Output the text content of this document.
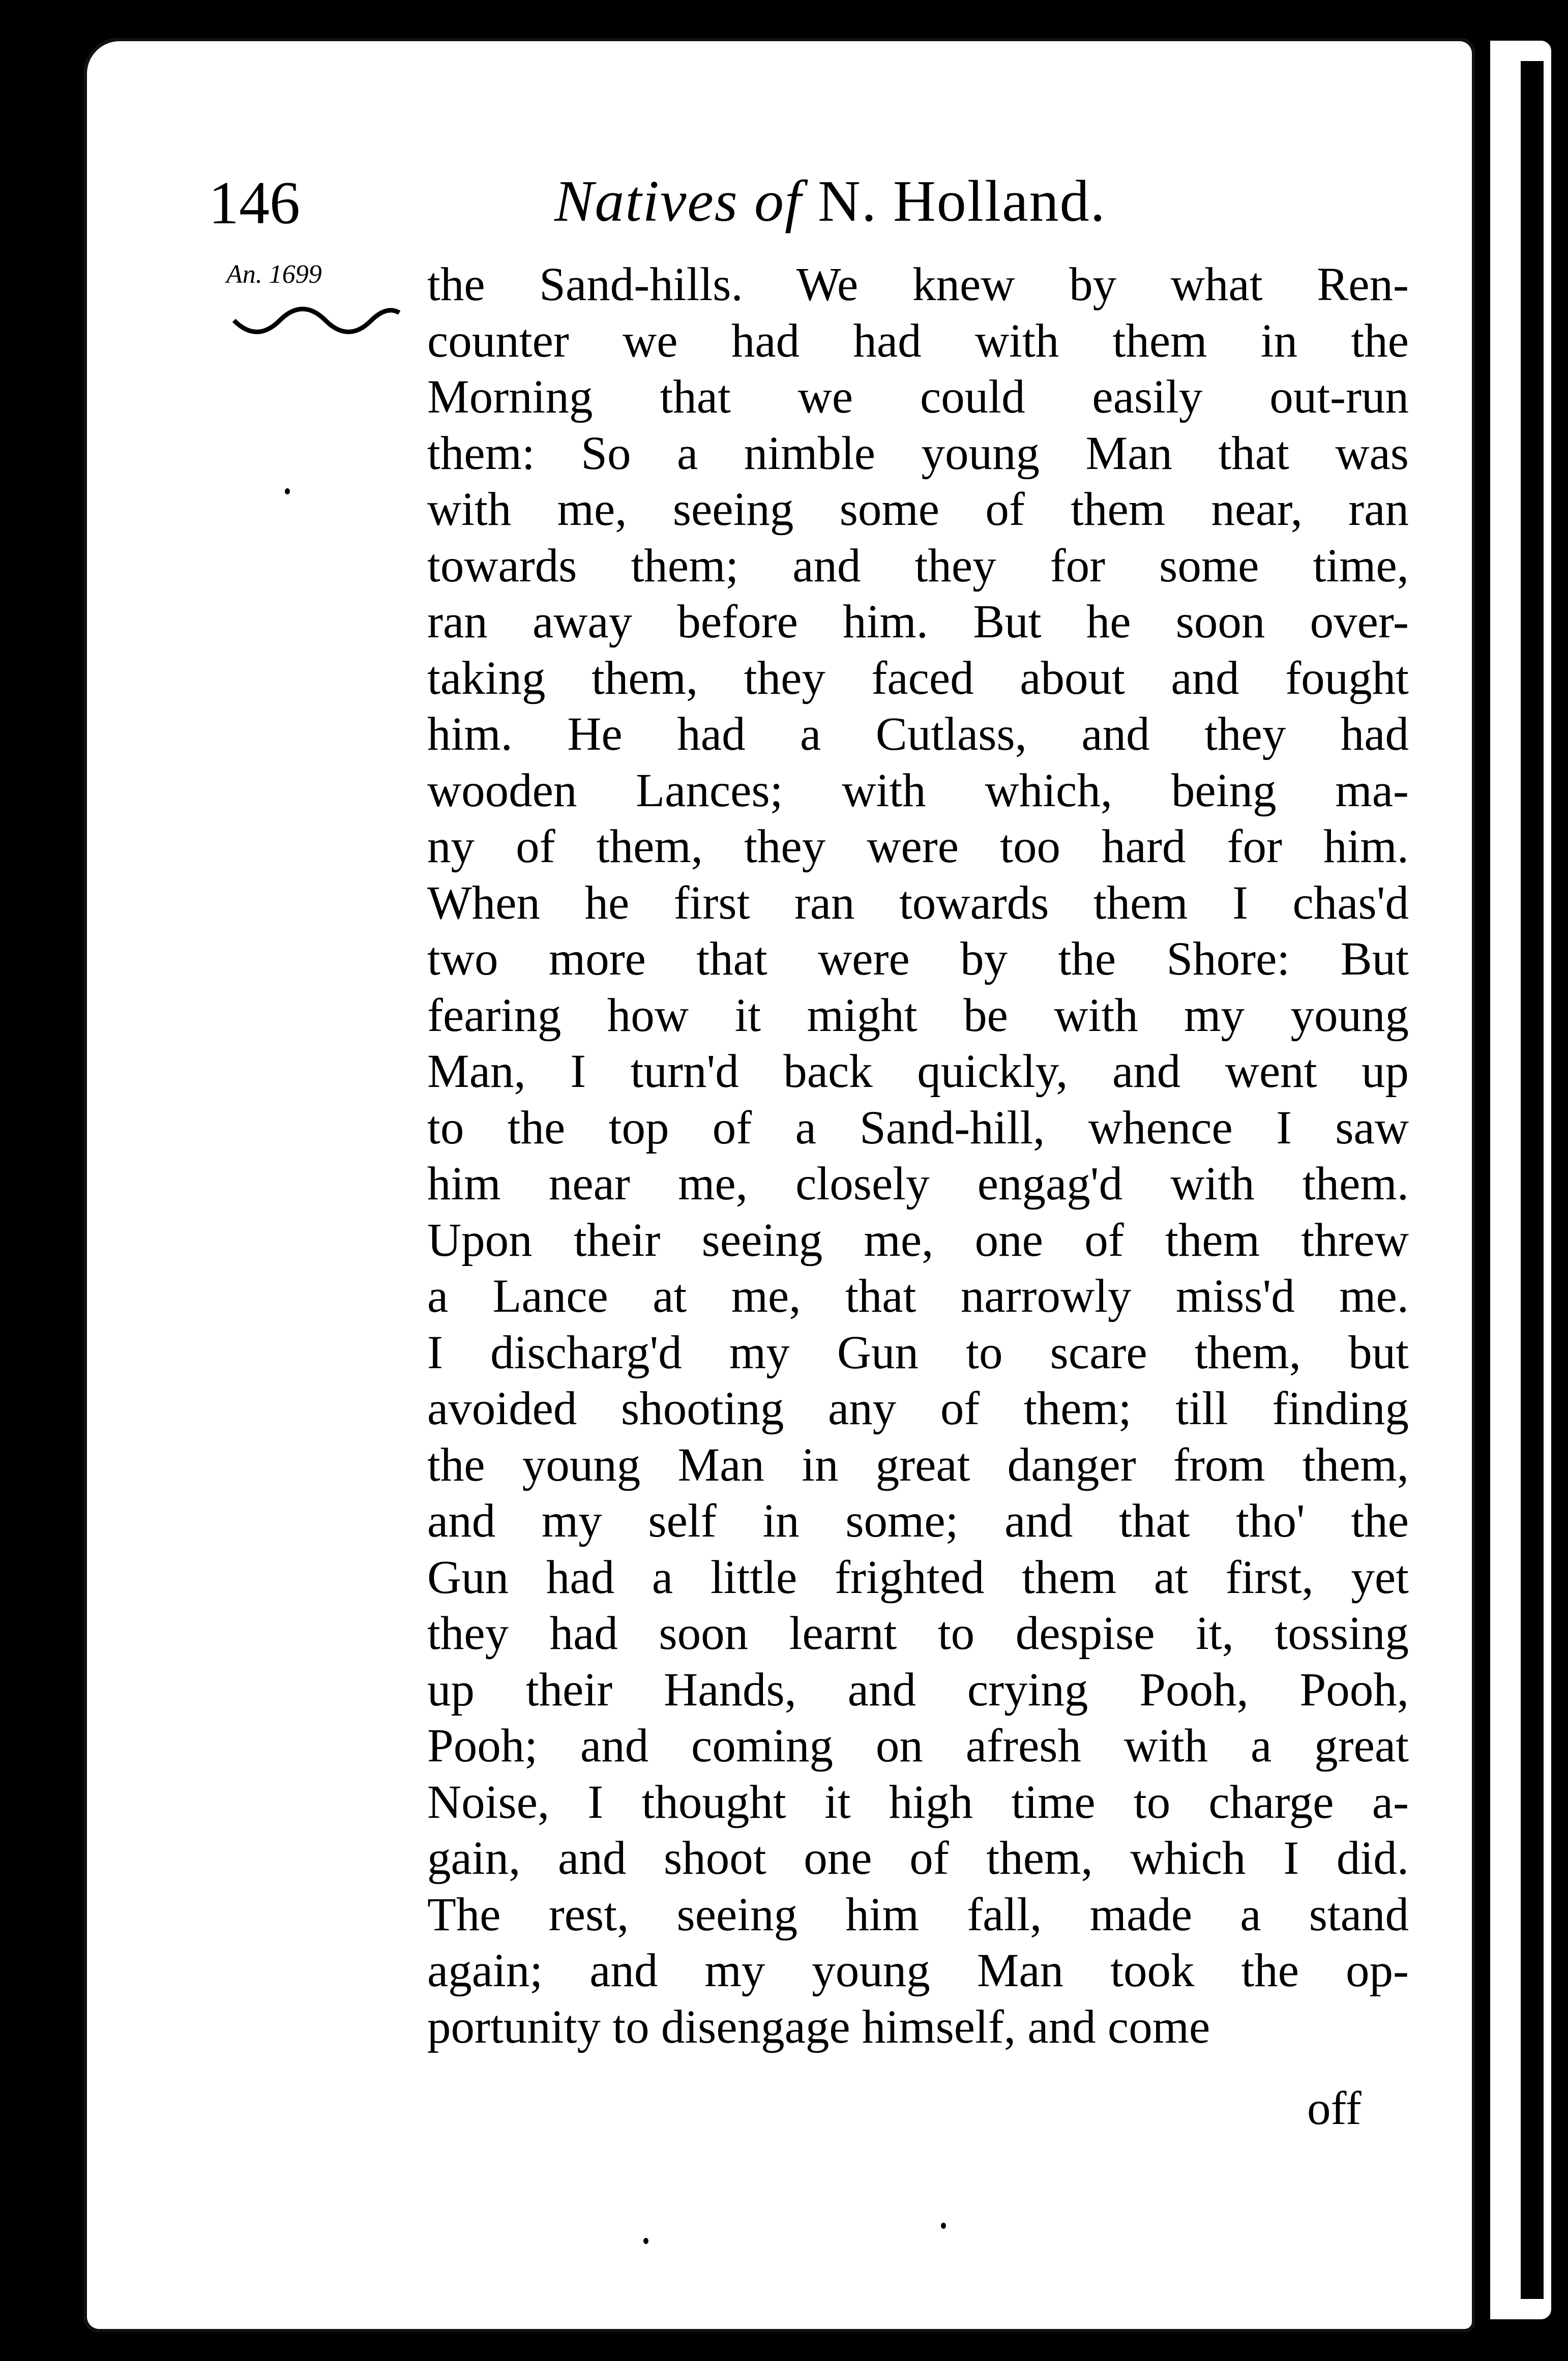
146	Natives of N. Holland.
An. 1699 the Sand-hills. We knew by what Ren-
counter we had had with them in the
Morning that we could easily out-run
them: So a nimble young Man that was
with me, seeing some of them near, ran
towards them; and they for some time,
ran away before him. But he soon over-
taking them, they faced about and fought
him. He had a Cutlass, and they had
wooden Lances; with which, being ma-
ny of them, they were too hard for him.
When he first ran towards them I chas'd
two more that were by the Shore: But
fearing how it might be with my young
Man, I turn'd back quickly, and went up
to the top of a Sand-hill, whence I saw
him near me, closely engag'd with them.
Upon their seeing me, one of them threw
a Lance at me, that narrowly miss'd me.
I discharg'd my Gun to scare them, but
avoided shooting any of them; till finding
the young Man in great danger from them,
and my self in some; and that tho' the
Gun had a little frighted them at first, yet
they had soon learnt to despise it, tossing
up their Hands, and crying Pooh, Pooh,
Pooh; and coming on afresh with a great
Noise, I thought it high time to charge a-
gain, and shoot one of them, which I did.
The rest, seeing him fall, made a stand
again; and my young Man took the op-
portunity to disengage himself, and come
off
